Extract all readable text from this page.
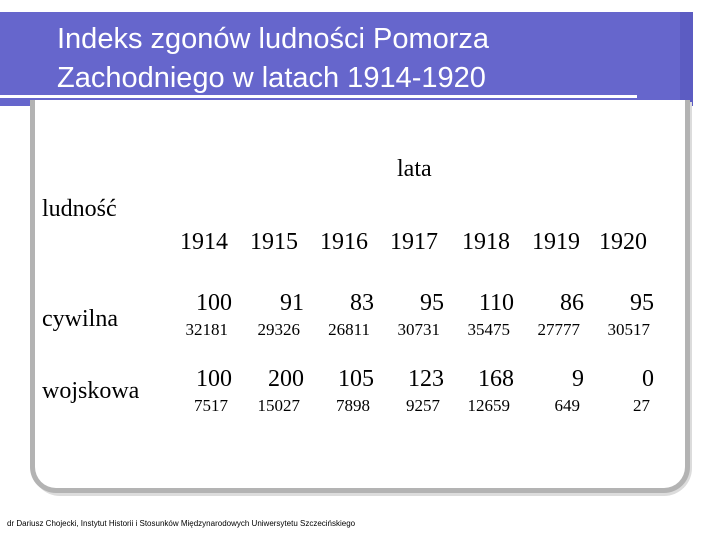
Indeks zgonów ludności Pomorza
Zachodniego w latach 1914-1920
lata
ludność
cywilna
wojskowa
1914 1915 1916 1917 1918 1919 1920
100 91 83 95 110 86 95
32181 29326 26811 30731 35475 27777 30517
100 200 105 123 168 9 0
7517 15027 7898 9257 12659	649	27
dr Dariusz Chojecki, Instytut Historii i Stosunków Międzynarodowych Uniwersytetu Szczecińskiego
